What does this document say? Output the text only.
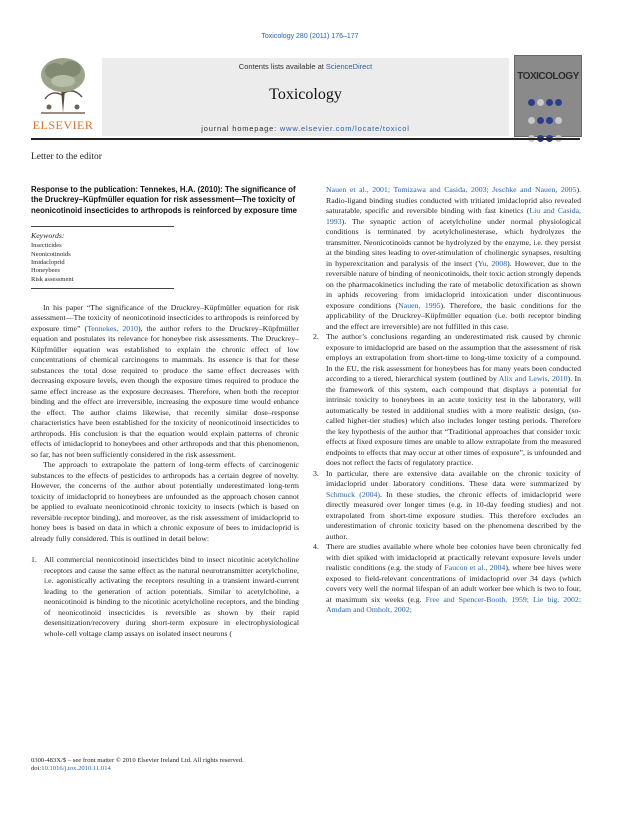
Toxicology 280 (2011) 176–177
ELSEVIER
Contents lists available at ScienceDirect
Toxicology
journal homepage: www.elsevier.com/locate/toxicol
TOXICOLOGY
Letter to the editor
Response to the publication: Tennekes, H.A. (2010): The significance of the Druckrey–Küpfmüller equation for risk assessment—The toxicity of neonicotinoid insecticides to arthropods is reinforced by exposure time
Keywords:
Insecticides
Neonicotinoids
Imidacloprid
Honeybees
Risk assessment

In his paper “The significance of the Druckrey–Küpfmüller equation for risk assessment—The toxicity of neonicotinoid insecticides to arthropods is reinforced by exposure time” (Tennekes, 2010), the author refers to the Druckrey–Küpfmüller equation and postulates its relevance for honeybee risk assessments. The Druckrey–Küpfmüller equation was established to explain the chronic effect of low concentrations of chemical carcinogens to mammals. Its essence is that for these substances the total dose required to produce the same effect decreases with decreasing exposure levels, even though the exposure times required to produce the same effect increase as the exposure decreases. Therefore, when both the receptor binding and the effect are irreversible, increasing the exposure time would enhance the effect. The author claims likewise, that recently similar dose–response characteristics have been established for the toxicity of neonicotinoid insecticides to arthropods. His conclusion is that the equation would explain patterns of chronic effects of imidacloprid to honeybees and other arthropods and that this phenomenon, so far, has not been sufficiently considered in the risk assessment.

The approach to extrapolate the pattern of long-term effects of carcinogenic substances to the effects of pesticides to arthropods has a certain degree of novelty. However, the concerns of the author about potentially underestimated long-term toxicity of imidacloprid to honeybees are unfounded as the approach chosen cannot be applied to evaluate neonicotinoid chronic toxicity to insects (which is based on reversible receptor binding), and moreover, as the risk assessment of imidacloprid to honey bees is based on data in which a chronic exposure of bees to imidacloprid is already fully considered. This is outlined in detail below:

1. All commercial neonicotinoid insecticides bind to insect nicotinic acetylcholine receptors and cause the same effect as the natural neurotransmitter acetylcholine, i.e. agonistically activating the receptors resulting in a transient inward-current leading to the generation of action potentials. Similar to acetylcholine, a neonicotinoid is binding to the nicotinic acetylcholine receptors, and the binding of neonicotinoid insecticides is reversible as shown by their rapid desensitization/recovery during short-term exposure in electrophysiological whole-cell voltage clamp assays on isolated insect neurons (
Nauen et al., 2001; Tomizawa and Casida, 2003; Jeschke and Nauen, 2005). Radio-ligand binding studies conducted with tritiated imidacloprid also revealed saturatable, specific and reversible binding with fast kinetics (Liu and Casida, 1993). The synaptic action of acetylcholine under normal physiological conditions is terminated by acetylcholinesterase, which hydrolyzes the transmitter. Neonicotinoids cannot be hydrolyzed by the enzyme, i.e. they persist at the binding sites leading to over-stimulation of cholinergic synapses, resulting in hyperexcitation and paralysis of the insect (Yu, 2008). However, due to the reversible nature of binding of neonicotinoids, their toxic action strongly depends on the pharmacokinetics including the rate of metabolic detoxification as shown in aphids recovering from imidacloprid intoxication under discontinuous exposure conditions (Nauen, 1995). Therefore, the basic conditions for the applicability of the Druckrey–Küpfmüller equation (i.e. both receptor binding and the effect are irreversible) are not fulfilled in this case.
2. The author’s conclusions regarding an underestimated risk caused by chronic exposure to imidacloprid are based on the assumption that the assessment of risk employs an extrapolation from short-time to long-time toxicity of a compound. In the EU, the risk assessment for honeybees has for many years been conducted according to a tiered, hierarchical system (outlined by Alix and Lewis, 2010). In the framework of this system, each compound that displays a potential for intrinsic toxicity to honeybees in an acute toxicity test in the laboratory, will automatically be tested in additional studies with a more realistic design, (so-called higher-tier studies) which also includes longer testing periods. Therefore the key hypothesis of the author that “Traditional approaches that consider toxic effects at fixed exposure times are unable to allow extrapolate from the measured endpoints to effects that may occur at other times of exposure”, is unfounded and does not reflect the facts of regulatory practice.
3. In particular, there are extensive data available on the chronic toxicity of imidacloprid under laboratory conditions. These data were summarized by Schmuck (2004). In these studies, the chronic effects of imidacloprid were directly measured over longer times (e.g. in 10-day feeding studies) and not extrapolated from short-time exposure studies. This therefore excludes an underestimation of chronic toxicity based on the phenomena described by the author.
4. There are studies available where whole bee colonies have been chronically fed with diet spiked with imidacloprid at practically relevant exposure levels under realistic conditions (e.g. the study of Faucon et al., 2004), where bee hives were exposed to field-relevant concentrations of imidacloprid over 34 days (which covers very well the normal lifespan of an adult worker bee which is two to four, at maximum six weeks (e.g. Free and Spencer-Booth, 1959; Lie big, 2002; Amdam and Omholt, 2002;
0300-483X/$ – see front matter © 2010 Elsevier Ireland Ltd. All rights reserved.
doi:10.1016/j.tox.2010.11.014
